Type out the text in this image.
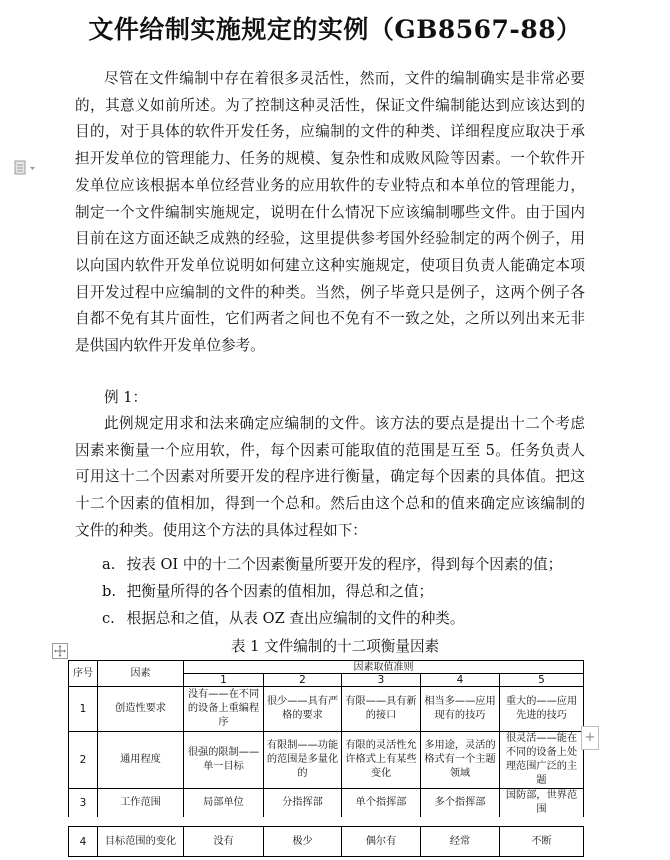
文件给制实施规定的实例（GB8567-88）

尽管在文件编制中存在着很多灵活性，然而，文件的编制确实是非常必要的，其意义如前所述。为了控制这种灵活性，保证文件编制能达到应该达到的目的，对于具体的软件开发任务，应编制的文件的种类、详细程度应取决于承担开发单位的管理能力、任务的规模、复杂性和成败风险等因素。一个软件开发单位应该根据本单位经营业务的应用软件的专业特点和本单位的管理能力，制定一个文件编制实施规定，说明在什么情况下应该编制哪些文件。由于国内目前在这方面还缺乏成熟的经验，这里提供参考国外经验制定的两个例子，用以向国内软件开发单位说明如何建立这种实施规定，使项目负责人能确定本项目开发过程中应编制的文件的种类。当然，例子毕竟只是例子，这两个例子各自都不免有其片面性，它们两者之间也不免有不一致之处，之所以列出来无非是供国内软件开发单位参考。

例 1：

此例规定用求和法来确定应编制的文件。该方法的要点是提出十二个考虑因素来衡量一个应用软，件，每个因素可能取值的范围是互至 5。任务负责人可用这十二个因素对所要开发的程序进行衡量，确定每个因素的具体值。把这十二个因素的值相加，得到一个总和。然后由这个总和的值来确定应该编制的文件的种类。使用这个方法的具体过程如下：

a. 按表 OI 中的十二个因素衡量所要开发的程序，得到每个因素的值；
b. 把衡量所得的各个因素的值相加，得总和之值；
c. 根据总和之值，从表 OZ 查出应编制的文件的种类。
表 1 文件编制的十二项衡量因素
序号	因素	因素取值准则				
		1	2	3	4	5
1	创造性要求	没有——在不同的设备上重编程序	很少——具有严格的要求	有限——具有新的接口	相当多——应用现有的技巧	重大的——应用先进的技巧
2	通用程度	很强的限制——单一目标	有限制——功能的范围是多量化的	有限的灵活性允许格式上有某些变化	多用途，灵活的格式有一个主题领域	很灵活——能在不同的设备上处理范围广泛的主题
3	工作范围	局部单位	分指挥部	单个指挥部	多个指挥部	国防部，世界范围
+
4	目标范围的变化	没有	极少	偶尔有	经常	不断
